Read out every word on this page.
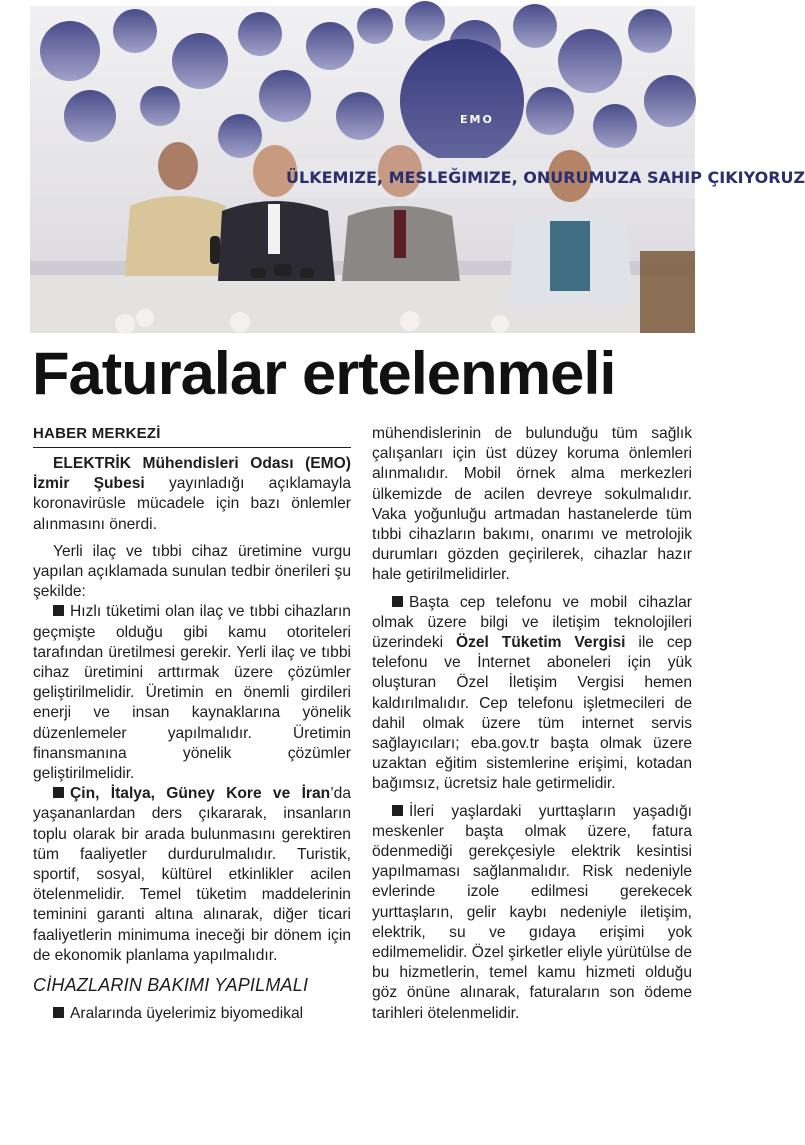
EMO
ÜLKEMIZE, MESLEĞIMIZE, ONURUMUZA SAHIP ÇIKIYORUZ
Faturalar ertelenmeli
HABER MERKEZİ

ELEKTRİK Mühendisleri Odası (EMO) İzmir Şubesi yayınladığı açıklamayla koronavirüsle mücadele için bazı önlemler alınmasını önerdi.

Yerli ilaç ve tıbbi cihaz üretimine vurgu yapılan açıklamada sunulan tedbir önerileri şu şekilde:

Hızlı tüketimi olan ilaç ve tıbbi cihazların geçmişte olduğu gibi kamu otoriteleri tarafından üretilmesi gerekir. Yerli ilaç ve tıbbi cihaz üretimini arttırmak üzere çözümler geliştirilmelidir. Üretimin en önemli girdileri enerji ve insan kaynaklarına yönelik düzenlemeler yapılmalıdır. Üretimin finansmanına yönelik çözümler geliştirilmelidir.

Çin, İtalya, Güney Kore ve İran’da yaşananlardan ders çıkararak, insanların toplu olarak bir arada bulunmasını gerektiren tüm faaliyetler durdurulmalıdır. Turistik, sportif, sosyal, kültürel etkinlikler acilen ötelenmelidir. Temel tüketim maddelerinin teminini garanti altına alınarak, diğer ticari faaliyetlerin minimuma ineceği bir dönem için de ekonomik planlama yapılmalıdır.

CİHAZLARIN BAKIMI YAPILMALI

Aralarında üyelerimiz biyomedikal

mühendislerinin de bulunduğu tüm sağlık çalışanları için üst düzey koruma önlemleri alınmalıdır. Mobil örnek alma merkezleri ülkemizde de acilen devreye sokulmalıdır. Vaka yoğunluğu artmadan hastanelerde tüm tıbbi cihazların bakımı, onarımı ve metrolojik durumları gözden geçirilerek, cihazlar hazır hale getirilmelidirler.

Başta cep telefonu ve mobil cihazlar olmak üzere bilgi ve iletişim teknolojileri üzerindeki Özel Tüketim Vergisi ile cep telefonu ve İnternet aboneleri için yük oluşturan Özel İletişim Vergisi hemen kaldırılmalıdır. Cep telefonu işletmecileri de dahil olmak üzere tüm internet servis sağlayıcıları; eba.gov.tr başta olmak üzere uzaktan eğitim sistemlerine erişimi, kotadan bağımsız, ücretsiz hale getirmelidir.

İleri yaşlardaki yurttaşların yaşadığı meskenler başta olmak üzere, fatura ödenmediği gerekçesiyle elektrik kesintisi yapılmaması sağlanmalıdır. Risk nedeniyle evlerinde izole edilmesi gerekecek yurttaşların, gelir kaybı nedeniyle iletişim, elektrik, su ve gıdaya erişimi yok edilmemelidir. Özel şirketler eliyle yürütülse de bu hizmetlerin, temel kamu hizmeti olduğu göz önüne alınarak, faturaların son ödeme tarihleri ötelenmelidir.
